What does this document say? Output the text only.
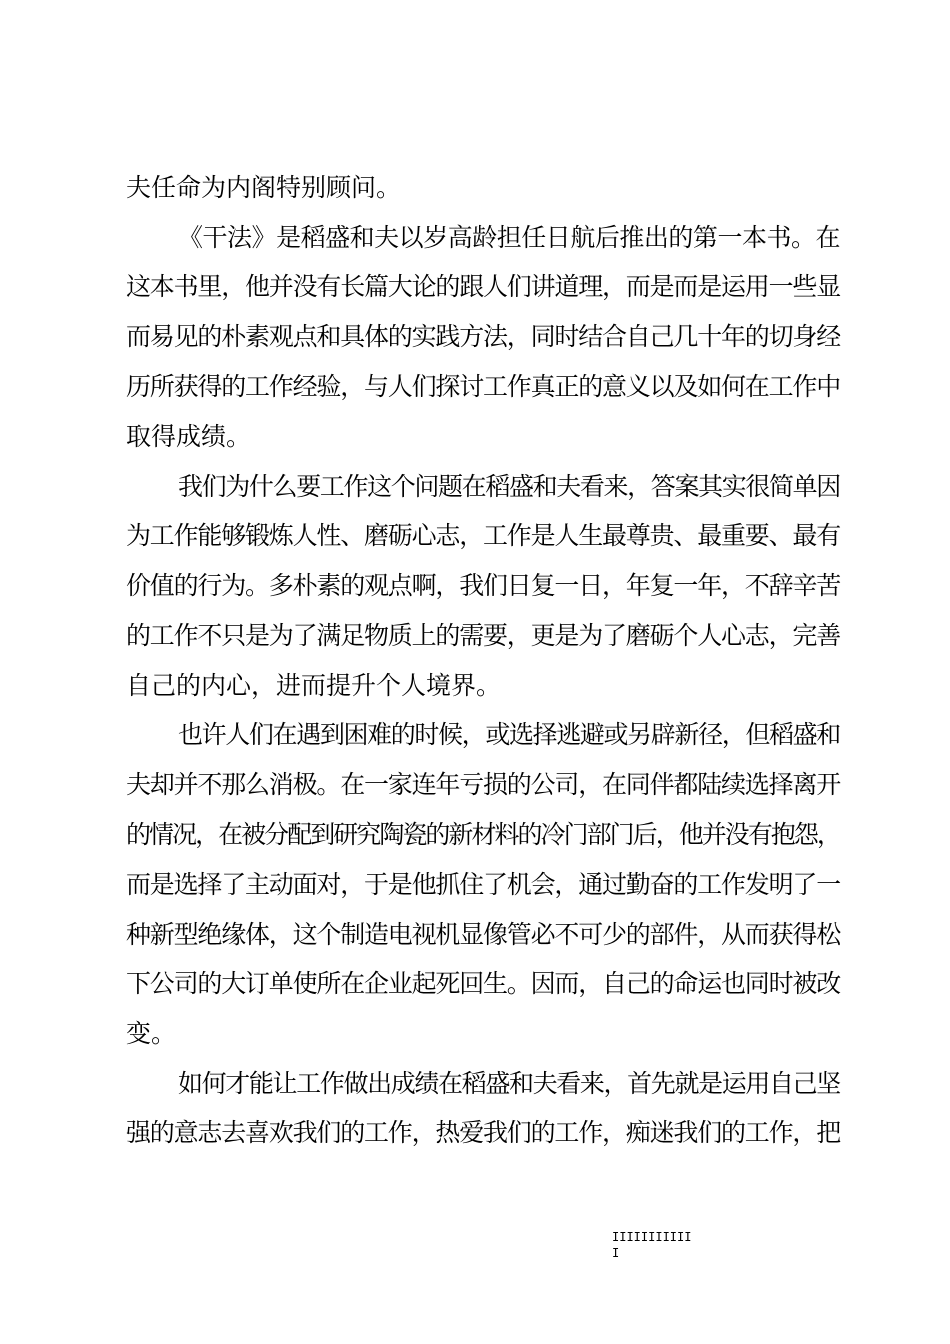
夫任命为内阁特别顾问。
《干法》是稻盛和夫以岁高龄担任日航后推出的第一本书。在
这本书里，他并没有长篇大论的跟人们讲道理，而是而是运用一些显
而易见的朴素观点和具体的实践方法，同时结合自己几十年的切身经
历所获得的工作经验，与人们探讨工作真正的意义以及如何在工作中
取得成绩。
我们为什么要工作这个问题在稻盛和夫看来，答案其实很简单因
为工作能够锻炼人性、磨砺心志，工作是人生最尊贵、最重要、最有
价值的行为。多朴素的观点啊，我们日复一日，年复一年，不辞辛苦
的工作不只是为了满足物质上的需要，更是为了磨砺个人心志，完善
自己的内心，进而提升个人境界。
也许人们在遇到困难的时候，或选择逃避或另辟新径，但稻盛和
夫却并不那么消极。在一家连年亏损的公司，在同伴都陆续选择离开
的情况，在被分配到研究陶瓷的新材料的冷门部门后，他并没有抱怨，
而是选择了主动面对，于是他抓住了机会，通过勤奋的工作发明了一
种新型绝缘体，这个制造电视机显像管必不可少的部件，从而获得松
下公司的大订单使所在企业起死回生。因而，自己的命运也同时被改
变。
如何才能让工作做出成绩在稻盛和夫看来，首先就是运用自己坚
强的意志去喜欢我们的工作，热爱我们的工作，痴迷我们的工作，把
IIIIIIIIIII
I
